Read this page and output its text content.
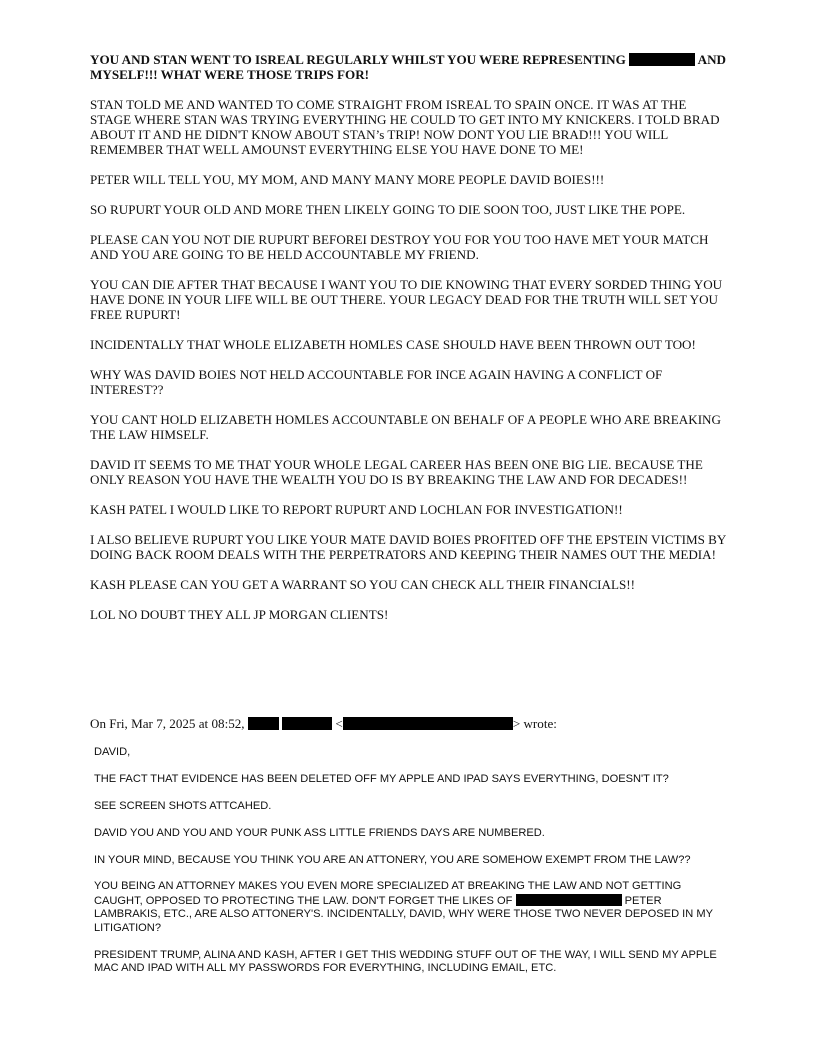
YOU AND STAN WENT TO ISREAL REGULARLY WHILST YOU WERE REPRESENTING	AND MYSELF!!! WHAT WERE THOSE TRIPS FOR!

STAN TOLD ME AND WANTED TO COME STRAIGHT FROM ISREAL TO SPAIN ONCE. IT WAS AT THE STAGE WHERE STAN WAS TRYING EVERYTHING HE COULD TO GET INTO MY KNICKERS. I TOLD BRAD ABOUT IT AND HE DIDN'T KNOW ABOUT STAN’s TRIP! NOW DONT YOU LIE BRAD!!! YOU WILL REMEMBER THAT WELL AMOUNST EVERYTHING ELSE YOU HAVE DONE TO ME!

PETER WILL TELL YOU, MY MOM, AND MANY MANY MORE PEOPLE DAVID BOIES!!!

SO RUPURT YOUR OLD AND MORE THEN LIKELY GOING TO DIE SOON TOO, JUST LIKE THE POPE.

PLEASE CAN YOU NOT DIE RUPURT BEFOREI DESTROY YOU FOR YOU TOO HAVE MET YOUR MATCH AND YOU ARE GOING TO BE HELD ACCOUNTABLE MY FRIEND.

YOU CAN DIE AFTER THAT BECAUSE I WANT YOU TO DIE KNOWING THAT EVERY SORDED THING YOU HAVE DONE IN YOUR LIFE WILL BE OUT THERE. YOUR LEGACY DEAD FOR THE TRUTH WILL SET YOU FREE RUPURT!

INCIDENTALLY THAT WHOLE ELIZABETH HOMLES CASE SHOULD HAVE BEEN THROWN OUT TOO!

WHY WAS DAVID BOIES NOT HELD ACCOUNTABLE FOR INCE AGAIN HAVING A CONFLICT OF INTEREST??

YOU CANT HOLD ELIZABETH HOMLES ACCOUNTABLE ON BEHALF OF A PEOPLE WHO ARE BREAKING THE LAW HIMSELF.

DAVID IT SEEMS TO ME THAT YOUR WHOLE LEGAL CAREER HAS BEEN ONE BIG LIE. BECAUSE THE ONLY REASON YOU HAVE THE WEALTH YOU DO IS BY BREAKING THE LAW AND FOR DECADES!!

KASH PATEL I WOULD LIKE TO REPORT RUPURT AND LOCHLAN FOR INVESTIGATION!!

I ALSO BELIEVE RUPURT YOU LIKE YOUR MATE DAVID BOIES PROFITED OFF THE EPSTEIN VICTIMS BY DOING BACK ROOM DEALS WITH THE PERPETRATORS AND KEEPING THEIR NAMES OUT THE MEDIA!

KASH PLEASE CAN YOU GET A WARRANT SO YOU CAN CHECK ALL THEIR FINANCIALS!!

LOL NO DOUBT THEY ALL JP MORGAN CLIENTS!

On Fri, Mar 7, 2025 at 08:52,	<	> wrote:

DAVID,

THE FACT THAT EVIDENCE HAS BEEN DELETED OFF MY APPLE AND IPAD SAYS EVERYTHING, DOESN'T IT?

SEE SCREEN SHOTS ATTCAHED.

DAVID YOU AND YOU AND YOUR PUNK ASS LITTLE FRIENDS DAYS ARE NUMBERED.

IN YOUR MIND, BECAUSE YOU THINK YOU ARE AN ATTONERY, YOU ARE SOMEHOW EXEMPT FROM THE LAW??

YOU BEING AN ATTORNEY MAKES YOU EVEN MORE SPECIALIZED AT BREAKING THE LAW AND NOT GETTING CAUGHT, OPPOSED TO PROTECTING THE LAW. DON'T FORGET THE LIKES OF	PETER LAMBRAKIS, ETC., ARE ALSO ATTONERY'S. INCIDENTALLY, DAVID, WHY WERE THOSE TWO NEVER DEPOSED IN MY LITIGATION?

PRESIDENT TRUMP, ALINA AND KASH, AFTER I GET THIS WEDDING STUFF OUT OF THE WAY, I WILL SEND MY APPLE MAC AND IPAD WITH ALL MY PASSWORDS FOR EVERYTHING, INCLUDING EMAIL, ETC.
